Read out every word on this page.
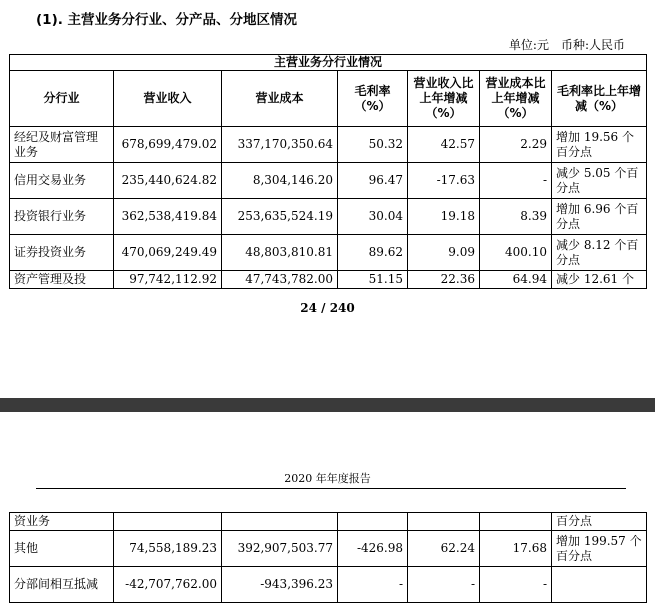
(1). 主营业务分行业、分产品、分地区情况
单位:元　币种:人民币
主营业务分行业情况						
分行业	营业收入	营业成本	毛利率（%）	营业收入比上年增减（%）	营业成本比上年增减（%）	毛利率比上年增减（%）
经纪及财富管理业务	678,699,479.02	337,170,350.64	50.32	42.57	2.29	增加 19.56 个百分点
信用交易业务	235,440,624.82	8,304,146.20	96.47	-17.63	-	减少 5.05 个百分点
投资银行业务	362,538,419.84	253,635,524.19	30.04	19.18	8.39	增加 6.96 个百分点
证券投资业务	470,069,249.49	48,803,810.81	89.62	9.09	400.10	减少 8.12 个百分点
资产管理及投	97,742,112.92	47,743,782.00	51.15	22.36	64.94	减少 12.61 个
24 / 240
2020 年年度报告
资业务						百分点
其他	74,558,189.23	392,907,503.77	-426.98	62.24	17.68	增加 199.57 个百分点
分部间相互抵减	-42,707,762.00	-943,396.23	-	-	-	
